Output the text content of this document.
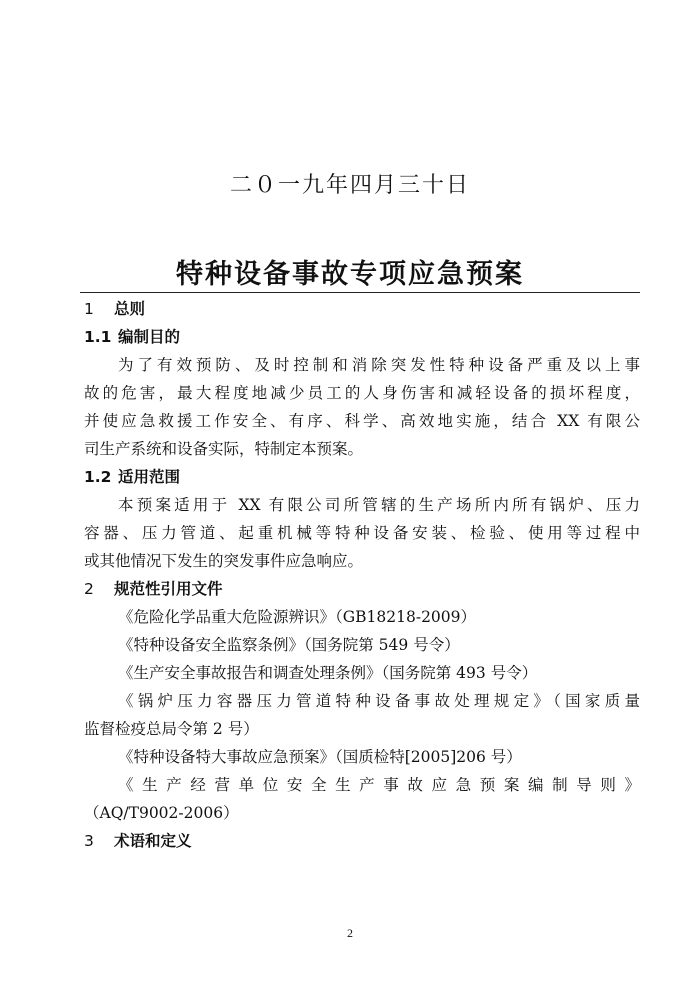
二０一九年四月三十日
特种设备事故专项应急预案
1 总则
1.1 编制目的
为了有效预防、及时控制和消除突发性特种设备严重及以上事
故的危害，最大程度地减少员工的人身伤害和减轻设备的损坏程度，
并使应急救援工作安全、有序、科学、高效地实施，结合 XX 有限公
司生产系统和设备实际，特制定本预案。
1.2 适用范围
本预案适用于 XX 有限公司所管辖的生产场所内所有锅炉、压力
容器、压力管道、起重机械等特种设备安装、检验、使用等过程中
或其他情况下发生的突发事件应急响应。
2 规范性引用文件
《危险化学品重大危险源辨识》（GB18218-2009）
《特种设备安全监察条例》（国务院第 549 号令）
《生产安全事故报告和调查处理条例》（国务院第 493 号令）
《锅炉压力容器压力管道特种设备事故处理规定》（国家质量
监督检疫总局令第 2 号）
《特种设备特大事故应急预案》（国质检特[2005]206 号）
《生产经营单位安全生产事故应急预案编制导则》
（AQ/T9002-2006）
3 术语和定义
2
